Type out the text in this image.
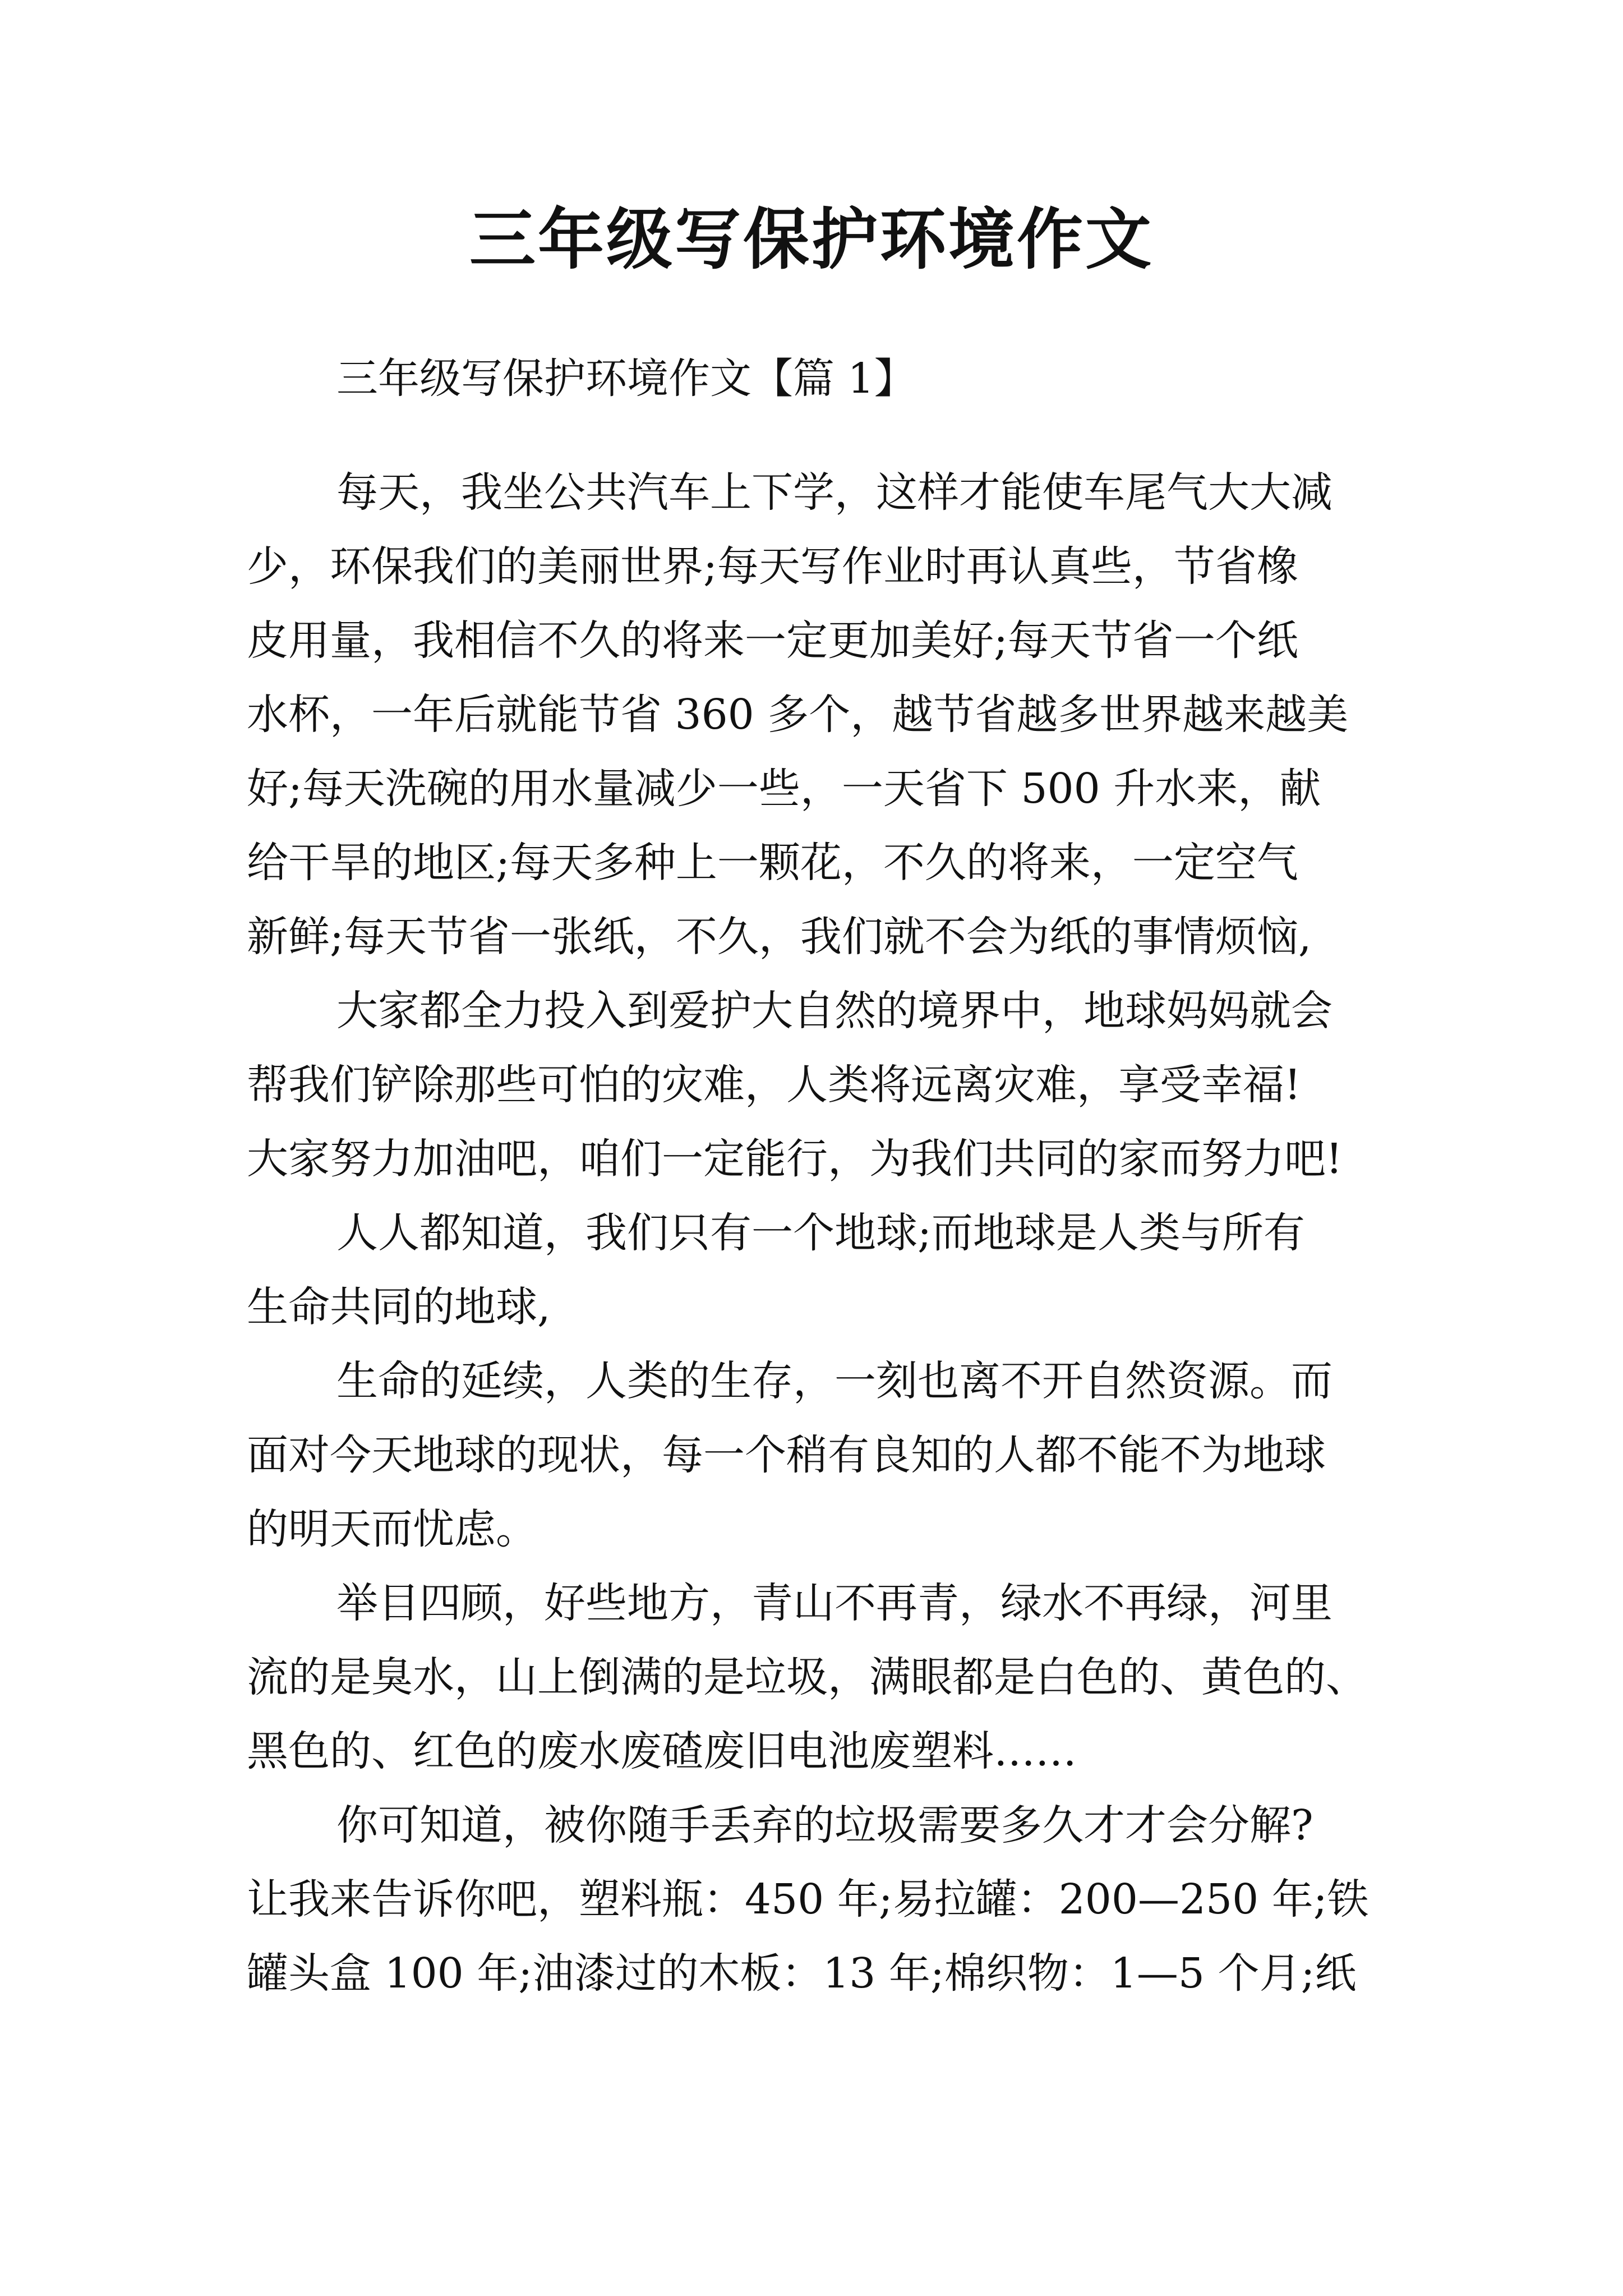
三年级写保护环境作文
三年级写保护环境作文【篇 1】
每天，我坐公共汽车上下学，这样才能使车尾气大大减
少，环保我们的美丽世界;每天写作业时再认真些，节省橡
皮用量，我相信不久的将来一定更加美好;每天节省一个纸
水杯，一年后就能节省 360 多个，越节省越多世界越来越美
好;每天洗碗的用水量减少一些，一天省下 500 升水来，献
给干旱的地区;每天多种上一颗花，不久的将来，一定空气
新鲜;每天节省一张纸，不久，我们就不会为纸的事情烦恼,
大家都全力投入到爱护大自然的境界中，地球妈妈就会
帮我们铲除那些可怕的灾难，人类将远离灾难，享受幸福!
大家努力加油吧，咱们一定能行，为我们共同的家而努力吧!
人人都知道，我们只有一个地球;而地球是人类与所有
生命共同的地球,
生命的延续，人类的生存，一刻也离不开自然资源。而
面对今天地球的现状，每一个稍有良知的人都不能不为地球
的明天而忧虑。
举目四顾，好些地方，青山不再青，绿水不再绿，河里
流的是臭水，山上倒满的是垃圾，满眼都是白色的、黄色的、
黑色的、红色的废水废碴废旧电池废塑料……
你可知道，被你随手丢弃的垃圾需要多久才才会分解?
让我来告诉你吧，塑料瓶：450 年;易拉罐：200—250 年;铁
罐头盒 100 年;油漆过的木板：13 年;棉织物：1—5 个月;纸
